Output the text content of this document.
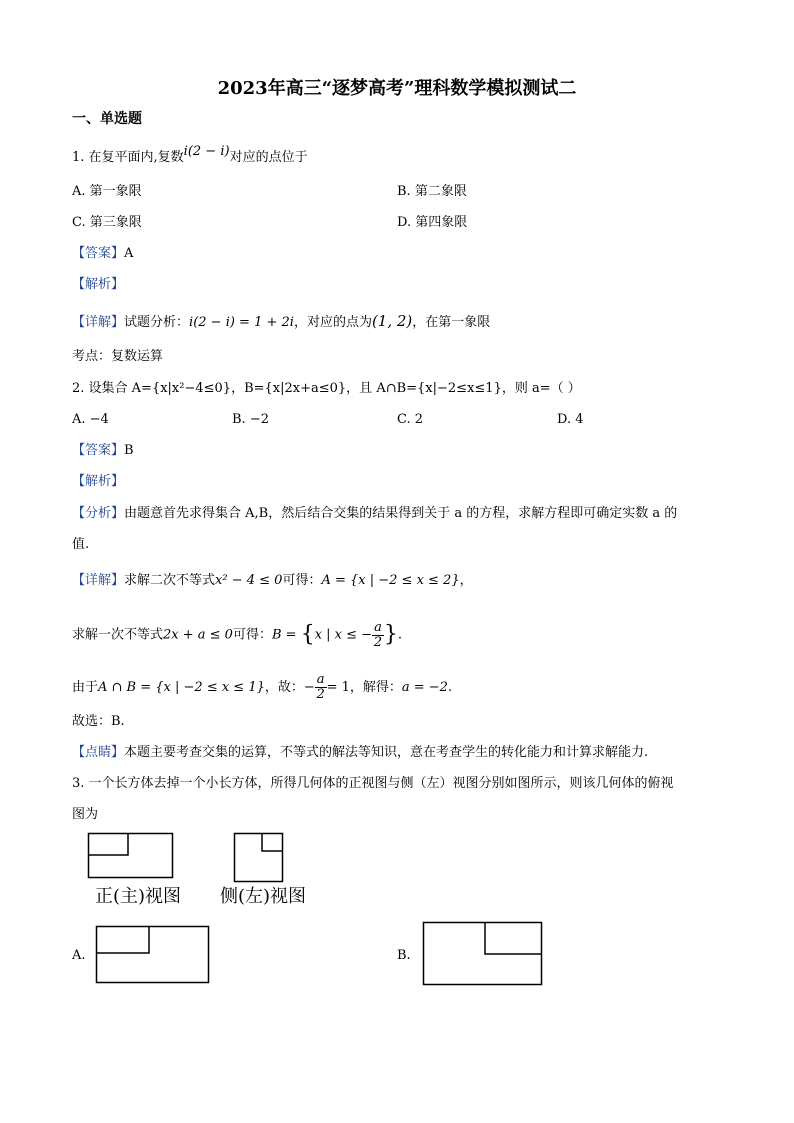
2023年高三“逐梦高考”理科数学模拟测试二
一、单选题
1. 在复平面内,复数i(2 − i)对应的点位于
A. 第一象限	B. 第二象限
C. 第三象限	D. 第四象限
【答案】A
【解析】
【详解】试题分析：i(2 − i) = 1 + 2i，对应的点为(1, 2)，在第一象限
考点：复数运算
2. 设集合 A={x|x²−4≤0}，B={x|2x+a≤0}，且 A∩B={x|−2≤x≤1}，则 a=（ ）
A. −4	B. −2	C. 2	D. 4
【答案】B
【解析】
【分析】由题意首先求得集合 A,B，然后结合交集的结果得到关于 a 的方程，求解方程即可确定实数 a 的
值.
【详解】求解二次不等式x² − 4 ≤ 0可得：A = {x | −2 ≤ x ≤ 2}，
求解一次不等式2x + a ≤ 0可得：B = {x | x ≤ − $\frac{a}{2}$ }.
由于A ∩ B = {x | −2 ≤ x ≤ 1}，故：− $\frac{a}{2} = 1$，解得：a = −2.
故选：B.
【点睛】本题主要考查交集的运算，不等式的解法等知识，意在考查学生的转化能力和计算求解能力.
3. 一个长方体去掉一个小长方体，所得几何体的正视图与侧（左）视图分别如图所示，则该几何体的俯视
图为
正(主)视图 侧(左)视图
A.	B.
